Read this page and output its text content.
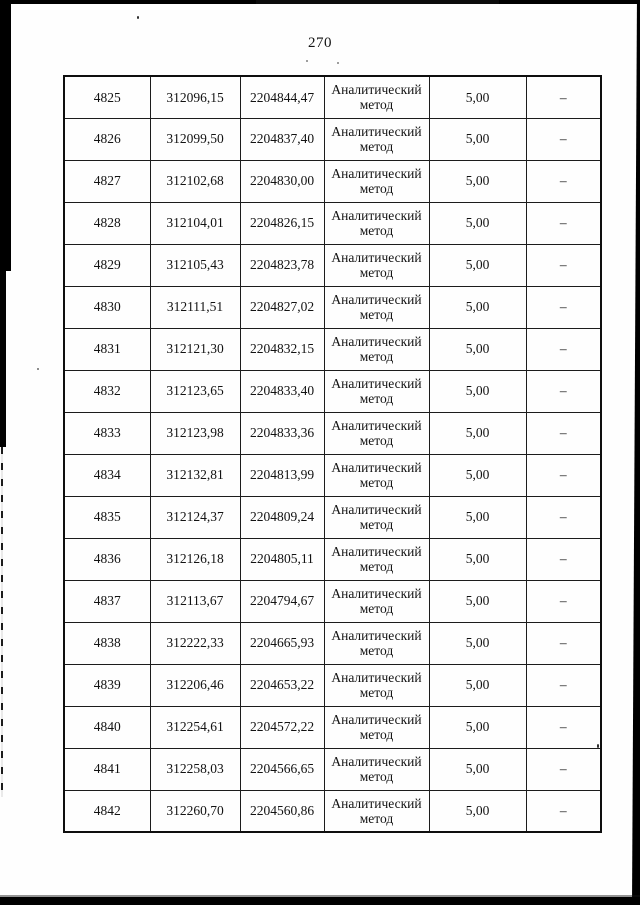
270
4825	312096,15	2204844,47	Аналитический метод	5,00	–
4826	312099,50	2204837,40	Аналитический метод	5,00	–
4827	312102,68	2204830,00	Аналитический метод	5,00	–
4828	312104,01	2204826,15	Аналитический метод	5,00	–
4829	312105,43	2204823,78	Аналитический метод	5,00	–
4830	312111,51	2204827,02	Аналитический метод	5,00	–
4831	312121,30	2204832,15	Аналитический метод	5,00	–
4832	312123,65	2204833,40	Аналитический метод	5,00	–
4833	312123,98	2204833,36	Аналитический метод	5,00	–
4834	312132,81	2204813,99	Аналитический метод	5,00	–
4835	312124,37	2204809,24	Аналитический метод	5,00	–
4836	312126,18	2204805,11	Аналитический метод	5,00	–
4837	312113,67	2204794,67	Аналитический метод	5,00	–
4838	312222,33	2204665,93	Аналитический метод	5,00	–
4839	312206,46	2204653,22	Аналитический метод	5,00	–
4840	312254,61	2204572,22	Аналитический метод	5,00	–
4841	312258,03	2204566,65	Аналитический метод	5,00	–
4842	312260,70	2204560,86	Аналитический метод	5,00	–
